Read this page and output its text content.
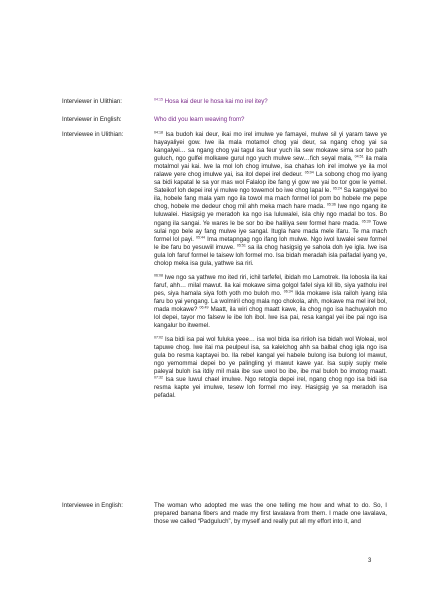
Interviewer in Ulithian:	$^{04:15}$ Hosa kai deur le hosa kai mo irel itey?

Interviewer in English:	Who did you learn weaving from?

Interviewee in Ulithian:	$^{04:18}$ Isa budoh kai deur, ikai mo irel imulwe ye famayei, mulwe sil yi yaram tawe ye hayayaliyei gow. Iwe ila mala motamol chog yai deur, sa ngang chog yai sa kangalyei… sa ngang chog yai tagul isa feur yuch ila sew mokawe sima sor bo path guluch, ngo gulfei molkawe gurul ngo yuch mulwe sew…fich seyal mala, $^{04:51}$ ila mala motalmol yai kai. Iwe la mol loh chog imulwe, isa chahas loh irel imolwe ye ila mol ralawe yere chog imulwe yai, isa itol depei irel dedeur. $^{05:04}$ La sobong chog mo iyang sa bidi kapatal le sa yor mas wol Falalop ibe fang yi gow we yai bo tor gow le yemel. Sateikof loh depei irel yi mulwe ngo towemol bo iwe chog lapal le. $^{05:24}$ Sa kangalyei bo ila, hobele fang mala yam ngo ila towol ma mach formel lol pom bo hobele me pepe chog, hobele me dedeur chog mil ahh meka mach hare mada. $^{05:36}$ Iwe ngo ngang ite luluwalei. Hasigsig ye meradoh ka ngo isa luluwalei, isla chiy ngo madal bo tos. Bo ngang ila sangai. Ye wares le be sor bo ibe haliliya sew formel hare mada. $^{05:39}$ Towe sulai ngo bele ay fang mulwe iye sangal. Itugla hare mada mele ifaru. Te ma mach formel lol payi. $^{05:44}$ Ima metapngag ngo ifang loh mulwe. Ngo iwol luwalei sew formel le ibe faru bo yesuwiil imuwe. $^{05:51}$ sa ila chog hasigsig ye sahola doh iye igla. Iwe isa gula loh faruf formel le taisew loh formel mo. Isa bidah meradah isla paifadal iyang ye, cholop meka isa gula, yathwe isa riri.

$^{06:08}$ Iwe ngo sa yathwe mo ited riri, ichil tarfefel, ibidah mo Lamotrek. Ila lobosla ila kai faruf, ahh… milal mawut. Ila kai mokawe sima golgol fafel siya kil lib, siya yatholu irel pes, siya hamala siya foth yoth mo buloh mo. $^{06:34}$ Ikla mokawe isla railoh iyang isla faru bo yai yengang. La wolmiril chog mala ngo chokola, ahh, mokawe ma mel irel bol, mada mokawe? $^{06:49}$ Maatt, ila wiri chog maatt kawe, ila chog ngo isa hachuyaloh mo lol depei, tayor mo falsew le ibe loh ibol. Iwe isa pai, resa kangal yei ibe pai ngo isa kangalur bo itwemel.

$^{07:02}$ Isa bidi isa pai wol fuluka yeee… isa wol bida isa ririloh isa bidah wol Woleai, wol tapuwe chog. Iwe itai ma peulpeul isa, sa kalelchog ahh sa balbal chog igla ngo isa gula bo resma kaptayei bo. Ila rebel kangal yei habele bulong isa bulong lol mawut, ngo yemommai depei bo ye palingling yi mawut kawe yar. Isa supiy supiy mele paleyal buloh isa itdiy mil mala ibe sue uwol bo ibe, ibe mal buloh bo imotog maatt. $^{07:32}$ Isa sue luwul chael imulwe. Ngo retogla depei irel, ngang chog ngo isa bidi isa resma kapte yei imulwe, tesew loh formel mo irey. Hasigsig ye sa meradoh isa pefadal.

Interviewee in English:	The woman who adopted me was the one telling me how and what to do. So, I prepared banana fibers and made my first lavalava from them. I made one lavalava, those we called “Padguluch”, by myself and really put all my effort into it, and

3
